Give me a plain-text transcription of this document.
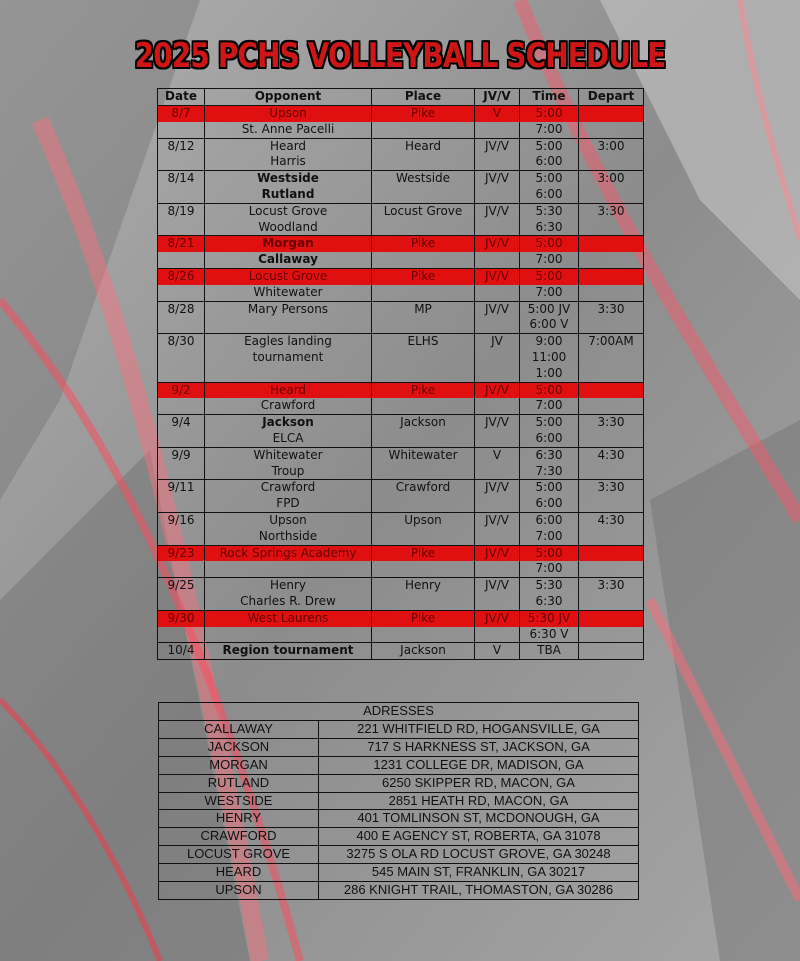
2025 PCHS VOLLEYBALL SCHEDULE
Date	Opponent	Place	JV/V	Time	Depart
8/7	Upson	Pike	V	5:00	
	St. Anne Pacelli			7:00	
8/12	Heard	Heard	JV/V	5:00	3:00
	Harris			6:00	
8/14	Westside	Westside	JV/V	5:00	3:00
	Rutland			6:00	
8/19	Locust Grove	Locust Grove	JV/V	5:30	3:30
	Woodland			6:30	
8/21	Morgan	Pike	JV/V	5:00	
	Callaway			7:00	
8/26	Locust Grove	Pike	JV/V	5:00	
	Whitewater			7:00	
8/28	Mary Persons	MP	JV/V	5:00 JV	3:30
				6:00 V	
8/30	Eagles landing	ELHS	JV	9:00	7:00AM
	tournament			11:00	
				1:00	
9/2	Heard	Pike	JV/V	5:00	
	Crawford			7:00	
9/4	Jackson	Jackson	JV/V	5:00	3:30
	ELCA			6:00	
9/9	Whitewater	Whitewater	V	6:30	4:30
	Troup			7:30	
9/11	Crawford	Crawford	JV/V	5:00	3:30
	FPD			6:00	
9/16	Upson	Upson	JV/V	6:00	4:30
	Northside			7:00	
9/23	Rock Springs Academy	Pike	JV/V	5:00	
				7:00	
9/25	Henry	Henry	JV/V	5:30	3:30
	Charles R. Drew			6:30	
9/30	West Laurens	Pike	JV/V	5:30 JV	
				6:30 V	
10/4	Region tournament	Jackson	V	TBA	
ADRESSES	
CALLAWAY	221 WHITFIELD RD, HOGANSVILLE, GA
JACKSON	717 S HARKNESS ST, JACKSON, GA
MORGAN	1231 COLLEGE DR, MADISON, GA
RUTLAND	6250 SKIPPER RD, MACON, GA
WESTSIDE	2851 HEATH RD, MACON, GA
HENRY	401 TOMLINSON ST, MCDONOUGH, GA
CRAWFORD	400 E AGENCY ST, ROBERTA, GA 31078
LOCUST GROVE	3275 S OLA RD LOCUST GROVE, GA 30248
HEARD	545 MAIN ST, FRANKLIN, GA 30217
UPSON	286 KNIGHT TRAIL, THOMASTON, GA 30286
